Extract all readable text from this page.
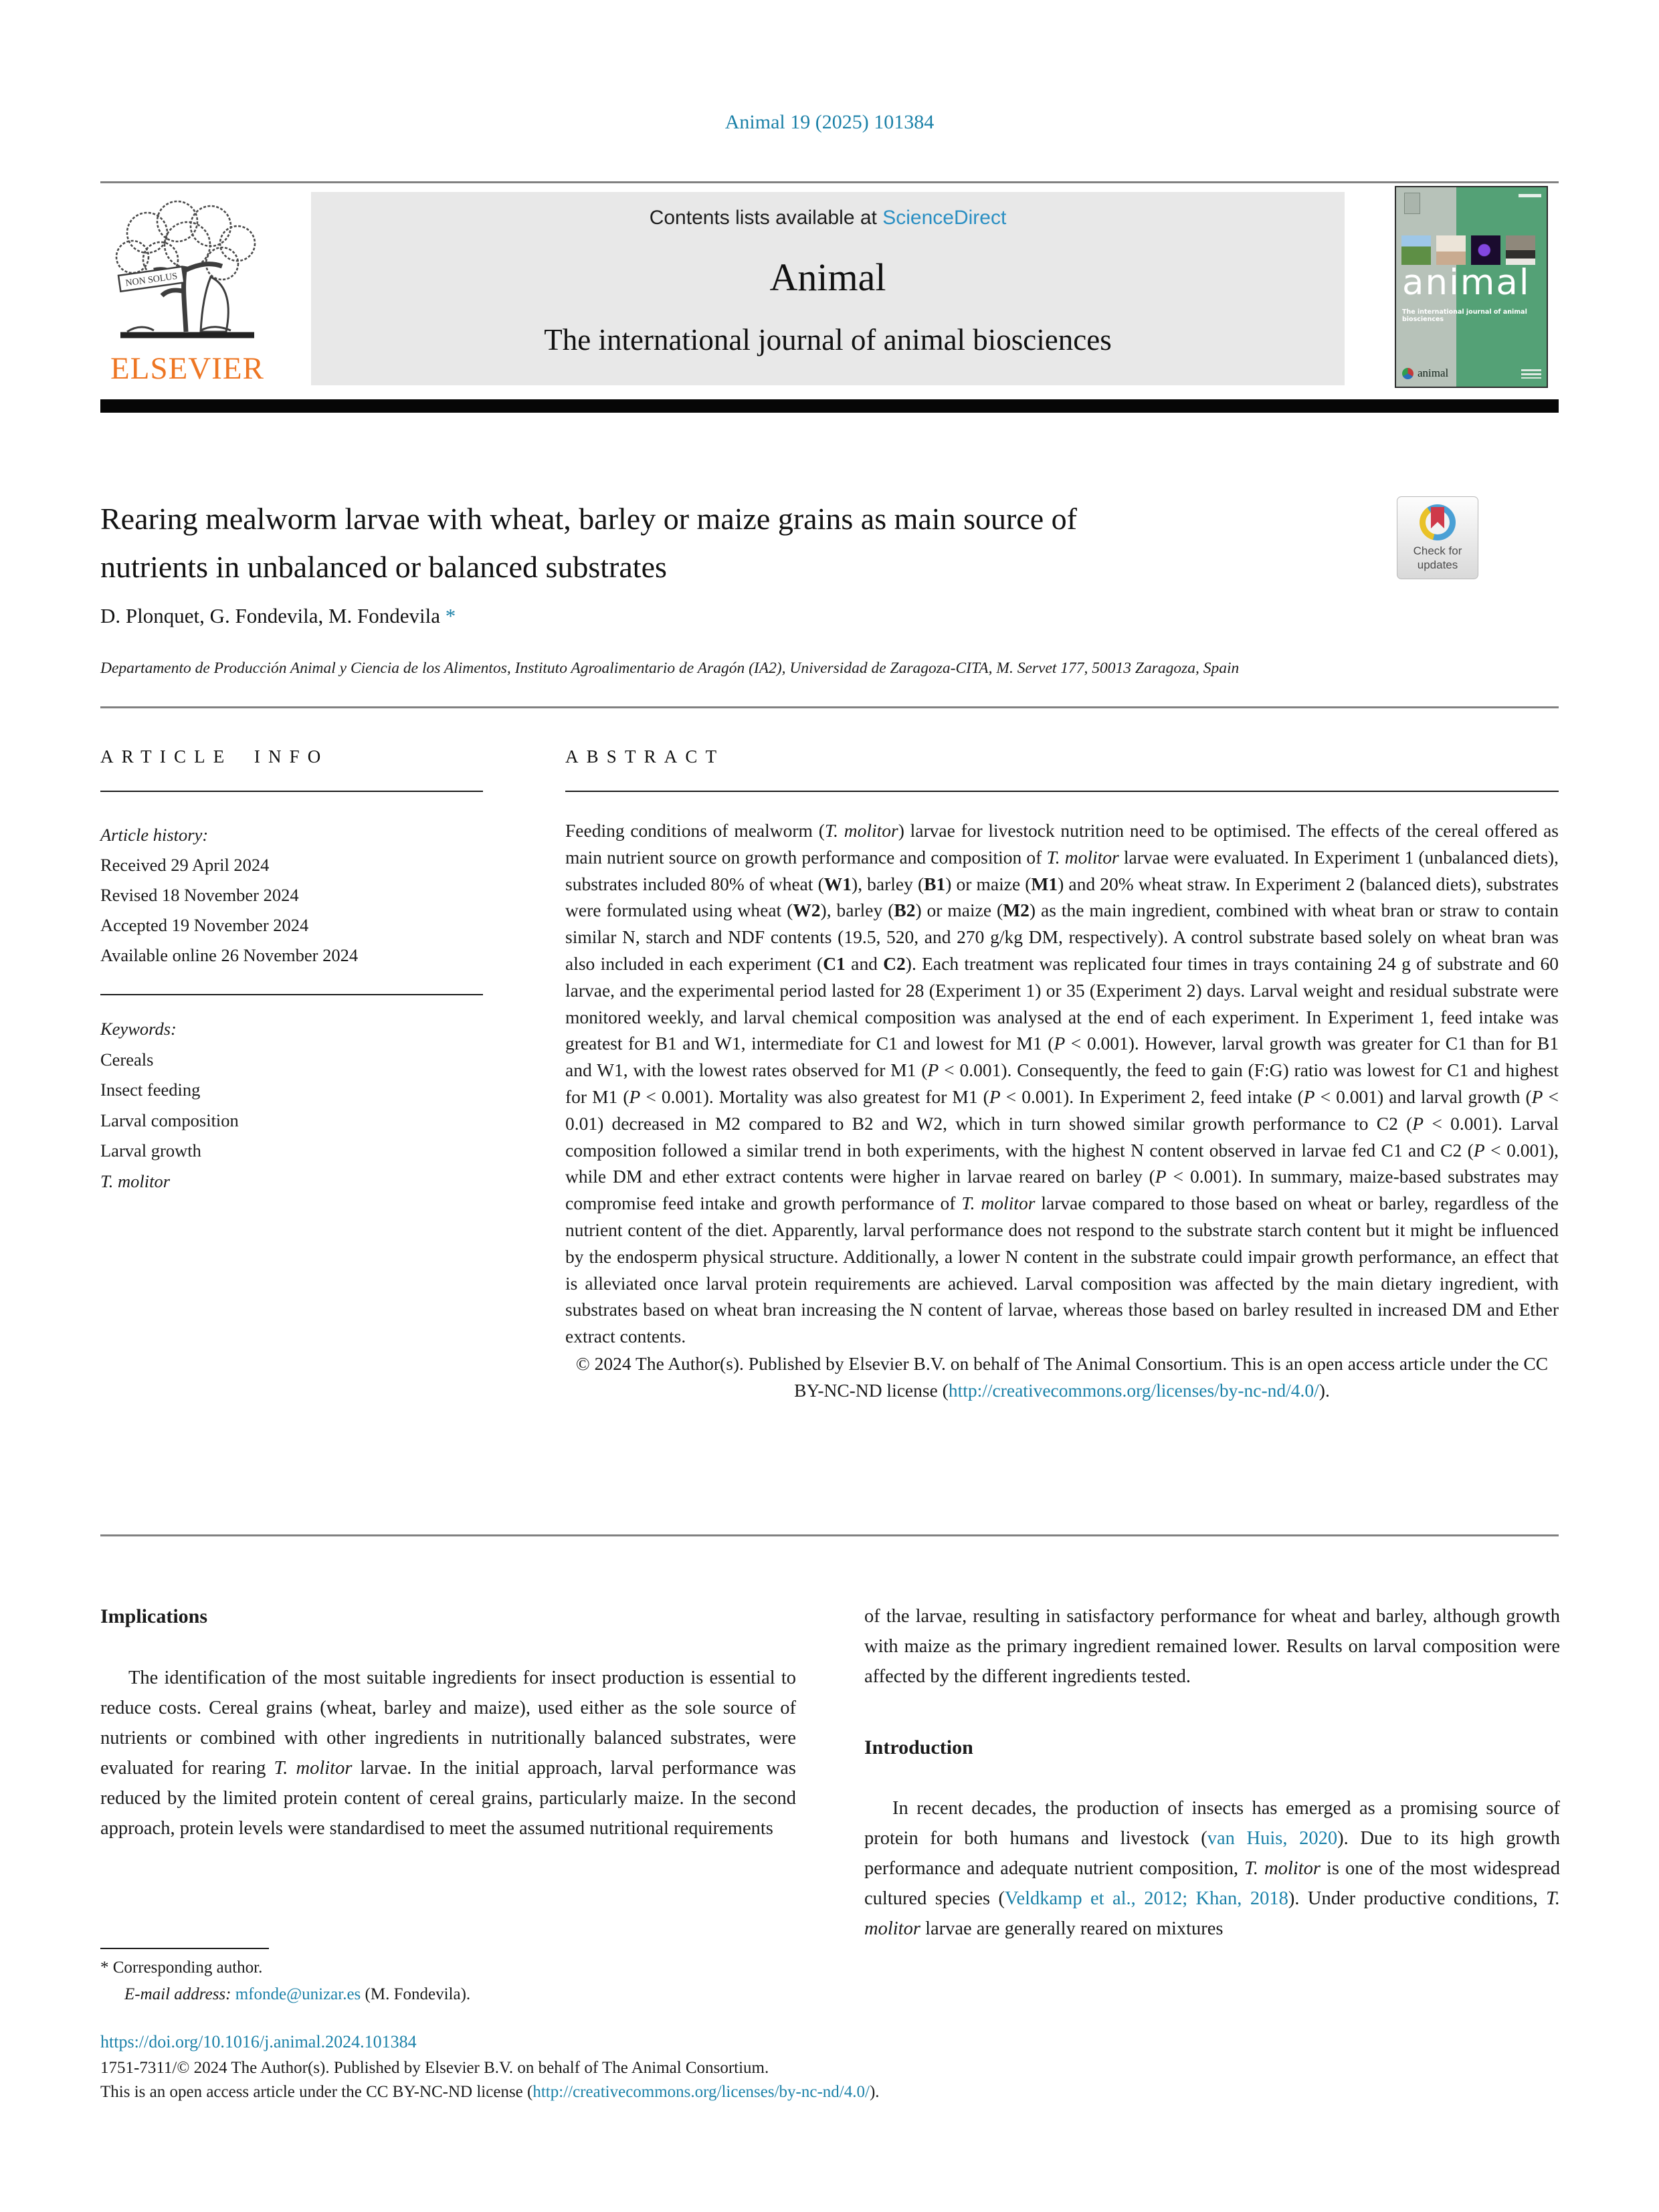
Animal 19 (2025) 101384
NON SOLUS
ELSEVIER
Contents lists available at ScienceDirect
Animal
The international journal of animal biosciences
animal
The international journal of animal biosciences
animal
Rearing mealworm larvae with wheat, barley or maize grains as main source of nutrients in unbalanced or balanced substrates	Check for updates
D. Plonquet, G. Fondevila, M. Fondevila *
Departamento de Producción Animal y Ciencia de los Alimentos, Instituto Agroalimentario de Aragón (IA2), Universidad de Zaragoza-CITA, M. Servet 177, 50013 Zaragoza, Spain
ARTICLE INFO
Article history:
Received 29 April 2024
Revised 18 November 2024
Accepted 19 November 2024
Available online 26 November 2024
Keywords:
Cereals
Insect feeding
Larval composition
Larval growth
T. molitor
ABSTRACT
Feeding conditions of mealworm (T. molitor) larvae for livestock nutrition need to be optimised. The effects of the cereal offered as main nutrient source on growth performance and composition of T. molitor larvae were evaluated. In Experiment 1 (unbalanced diets), substrates included 80% of wheat (W1), barley (B1) or maize (M1) and 20% wheat straw. In Experiment 2 (balanced diets), substrates were formulated using wheat (W2), barley (B2) or maize (M2) as the main ingredient, combined with wheat bran or straw to contain similar N, starch and NDF contents (19.5, 520, and 270 g/kg DM, respectively). A control substrate based solely on wheat bran was also included in each experiment (C1 and C2). Each treatment was replicated four times in trays containing 24 g of substrate and 60 larvae, and the experimental period lasted for 28 (Experiment 1) or 35 (Experiment 2) days. Larval weight and residual substrate were monitored weekly, and larval chemical composition was analysed at the end of each experiment. In Experiment 1, feed intake was greatest for B1 and W1, intermediate for C1 and lowest for M1 (P < 0.001). However, larval growth was greater for C1 than for B1 and W1, with the lowest rates observed for M1 (P < 0.001). Consequently, the feed to gain (F:G) ratio was lowest for C1 and highest for M1 (P < 0.001). Mortality was also greatest for M1 (P < 0.001). In Experiment 2, feed intake (P < 0.001) and larval growth (P < 0.01) decreased in M2 compared to B2 and W2, which in turn showed similar growth performance to C2 (P < 0.001). Larval composition followed a similar trend in both experiments, with the highest N content observed in larvae fed C1 and C2 (P < 0.001), while DM and ether extract contents were higher in larvae reared on barley (P < 0.001). In summary, maize-based substrates may compromise feed intake and growth performance of T. molitor larvae compared to those based on wheat or barley, regardless of the nutrient content of the diet. Apparently, larval performance does not respond to the substrate starch content but it might be influenced by the endosperm physical structure. Additionally, a lower N content in the substrate could impair growth performance, an effect that is alleviated once larval protein requirements are achieved. Larval composition was affected by the main dietary ingredient, with substrates based on wheat bran increasing the N content of larvae, whereas those based on barley resulted in increased DM and Ether extract contents.
© 2024 The Author(s). Published by Elsevier B.V. on behalf of The Animal Consortium. This is an open access article under the CC BY-NC-ND license (http://creativecommons.org/licenses/by-nc-nd/4.0/).
Implications

The identification of the most suitable ingredients for insect production is essential to reduce costs. Cereal grains (wheat, barley and maize), used either as the sole source of nutrients or combined with other ingredients in nutritionally balanced substrates, were evaluated for rearing T. molitor larvae. In the initial approach, larval performance was reduced by the limited protein content of cereal grains, particularly maize. In the second approach, protein levels were standardised to meet the assumed nutritional requirements

of the larvae, resulting in satisfactory performance for wheat and barley, although growth with maize as the primary ingredient remained lower. Results on larval composition were affected by the different ingredients tested.

Introduction

In recent decades, the production of insects has emerged as a promising source of protein for both humans and livestock (van Huis, 2020). Due to its high growth performance and adequate nutrient composition, T. molitor is one of the most widespread cultured species (Veldkamp et al., 2012; Khan, 2018). Under productive conditions, T. molitor larvae are generally reared on mixtures

* Corresponding author.
E-mail address: mfonde@unizar.es (M. Fondevila).
https://doi.org/10.1016/j.animal.2024.101384
1751-7311/© 2024 The Author(s). Published by Elsevier B.V. on behalf of The Animal Consortium.
This is an open access article under the CC BY-NC-ND license (http://creativecommons.org/licenses/by-nc-nd/4.0/).
